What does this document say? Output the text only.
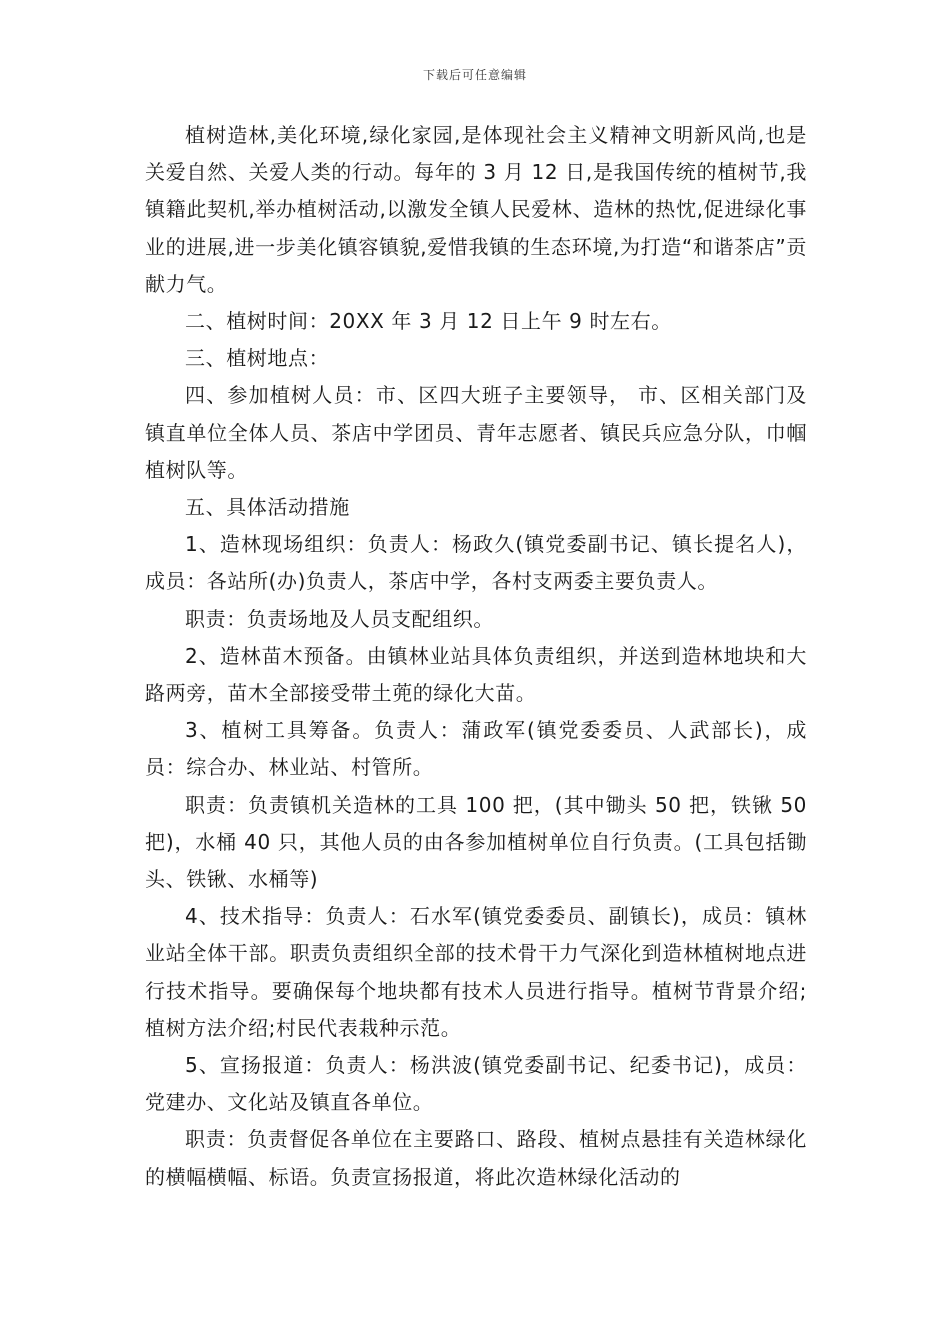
下载后可任意编辑

植树造林,美化环境,绿化家园,是体现社会主义精神文明新风尚,也是关爱自然、关爱人类的行动。每年的 3 月 12 日,是我国传统的植树节,我镇籍此契机,举办植树活动,以激发全镇人民爱林、造林的热忱,促进绿化事业的进展,进一步美化镇容镇貌,爱惜我镇的生态环境,为打造“和谐茶店”贡献力气。

二、植树时间：20XX 年 3 月 12 日上午 9 时左右。

三、植树地点：

四、参加植树人员：市、区四大班子主要领导， 市、区相关部门及镇直单位全体人员、茶店中学团员、青年志愿者、镇民兵应急分队，巾帼植树队等。

五、具体活动措施

1、造林现场组织：负责人：杨政久(镇党委副书记、镇长提名人)，成员：各站所(办)负责人，茶店中学，各村支两委主要负责人。

职责：负责场地及人员支配组织。

2、造林苗木预备。由镇林业站具体负责组织，并送到造林地块和大路两旁，苗木全部接受带土蔸的绿化大苗。

3、植树工具筹备。负责人：蒲政军(镇党委委员、人武部长)，成员：综合办、林业站、村管所。

职责：负责镇机关造林的工具 100 把，(其中锄头 50 把，铁锹 50 把)，水桶 40 只，其他人员的由各参加植树单位自行负责。(工具包括锄头、铁锹、水桶等)

4、技术指导：负责人：石水军(镇党委委员、副镇长)，成员：镇林业站全体干部。职责负责组织全部的技术骨干力气深化到造林植树地点进行技术指导。要确保每个地块都有技术人员进行指导。植树节背景介绍;植树方法介绍;村民代表栽种示范。

5、宣扬报道：负责人：杨洪波(镇党委副书记、纪委书记)，成员：党建办、文化站及镇直各单位。

职责：负责督促各单位在主要路口、路段、植树点悬挂有关造林绿化的横幅横幅、标语。负责宣扬报道，将此次造林绿化活动的
